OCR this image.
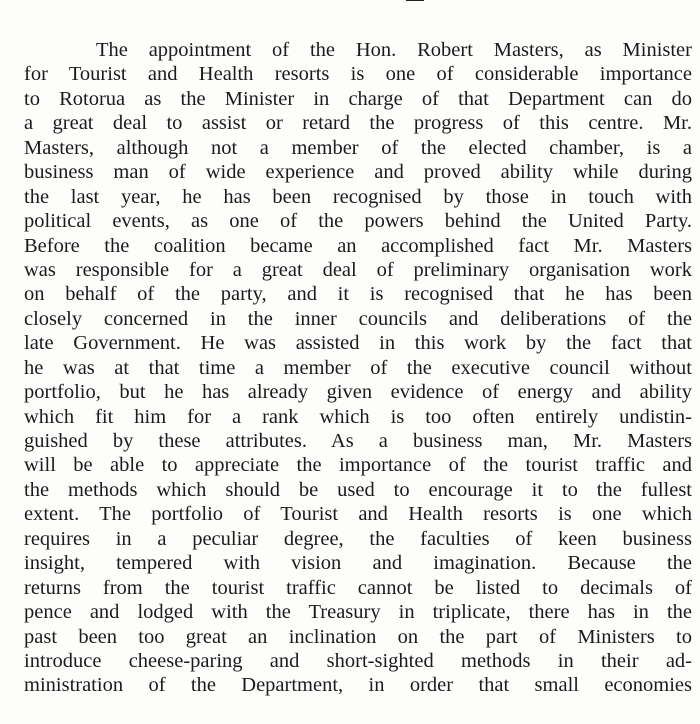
The appointment of the Hon. Robert Masters, as Minister
for Tourist and Health resorts is one of considerable importance
to Rotorua as the Minister in charge of that Department can do
a great deal to assist or retard the progress of this centre. Mr.
Masters, although not a member of the elected chamber, is a
business man of wide experience and proved ability while during
the last year, he has been recognised by those in touch with
political events, as one of the powers behind the United Party.
Before the coalition became an accomplished fact Mr. Masters
was responsible for a great deal of preliminary organisation work
on behalf of the party, and it is recognised that he has been
closely concerned in the inner councils and deliberations of the
late Government. He was assisted in this work by the fact that
he was at that time a member of the executive council without
portfolio, but he has already given evidence of energy and ability
which fit him for a rank which is too often entirely undistin-
guished by these attributes. As a business man, Mr. Masters
will be able to appreciate the importance of the tourist traffic and
the methods which should be used to encourage it to the fullest
extent. The portfolio of Tourist and Health resorts is one which
requires in a peculiar degree, the faculties of keen business
insight, tempered with vision and imagination. Because the
returns from the tourist traffic cannot be listed to decimals of
pence and lodged with the Treasury in triplicate, there has in the
past been too great an inclination on the part of Ministers to
introduce cheese-paring and short-sighted methods in their ad-
ministration of the Department, in order that small economies
